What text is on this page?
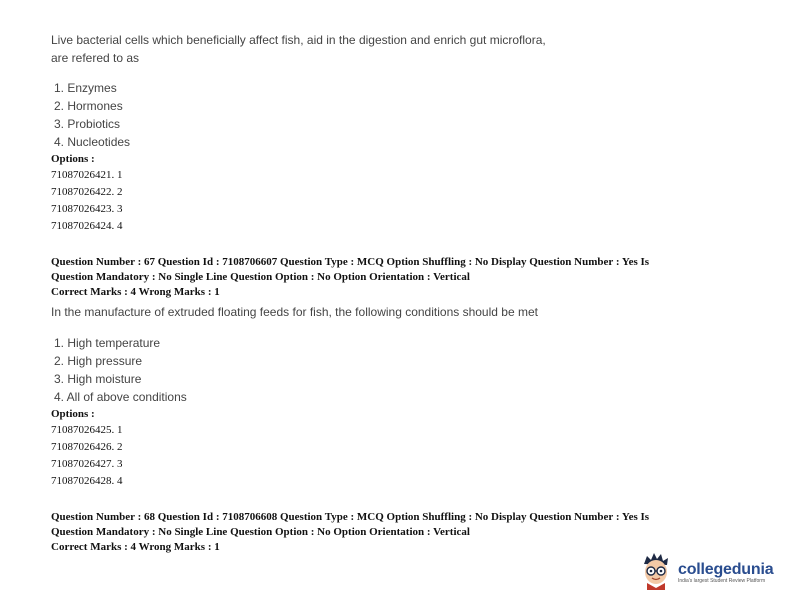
Live bacterial cells which beneficially affect fish, aid in the digestion and enrich gut microflora,
are refered to as
1. Enzymes
2. Hormones
3. Probiotics
4. Nucleotides
Options :
71087026421. 1
71087026422. 2
71087026423. 3
71087026424. 4
Question Number : 67 Question Id : 7108706607 Question Type : MCQ Option Shuffling : No Display Question Number : Yes Is
Question Mandatory : No Single Line Question Option : No Option Orientation : Vertical
Correct Marks : 4 Wrong Marks : 1
In the manufacture of extruded floating feeds for fish, the following conditions should be met
1. High temperature
2. High pressure
3. High moisture
4. All of above conditions
Options :
71087026425. 1
71087026426. 2
71087026427. 3
71087026428. 4
Question Number : 68 Question Id : 7108706608 Question Type : MCQ Option Shuffling : No Display Question Number : Yes Is
Question Mandatory : No Single Line Question Option : No Option Orientation : Vertical
Correct Marks : 4 Wrong Marks : 1
collegedunia
India's largest Student Review Platform
